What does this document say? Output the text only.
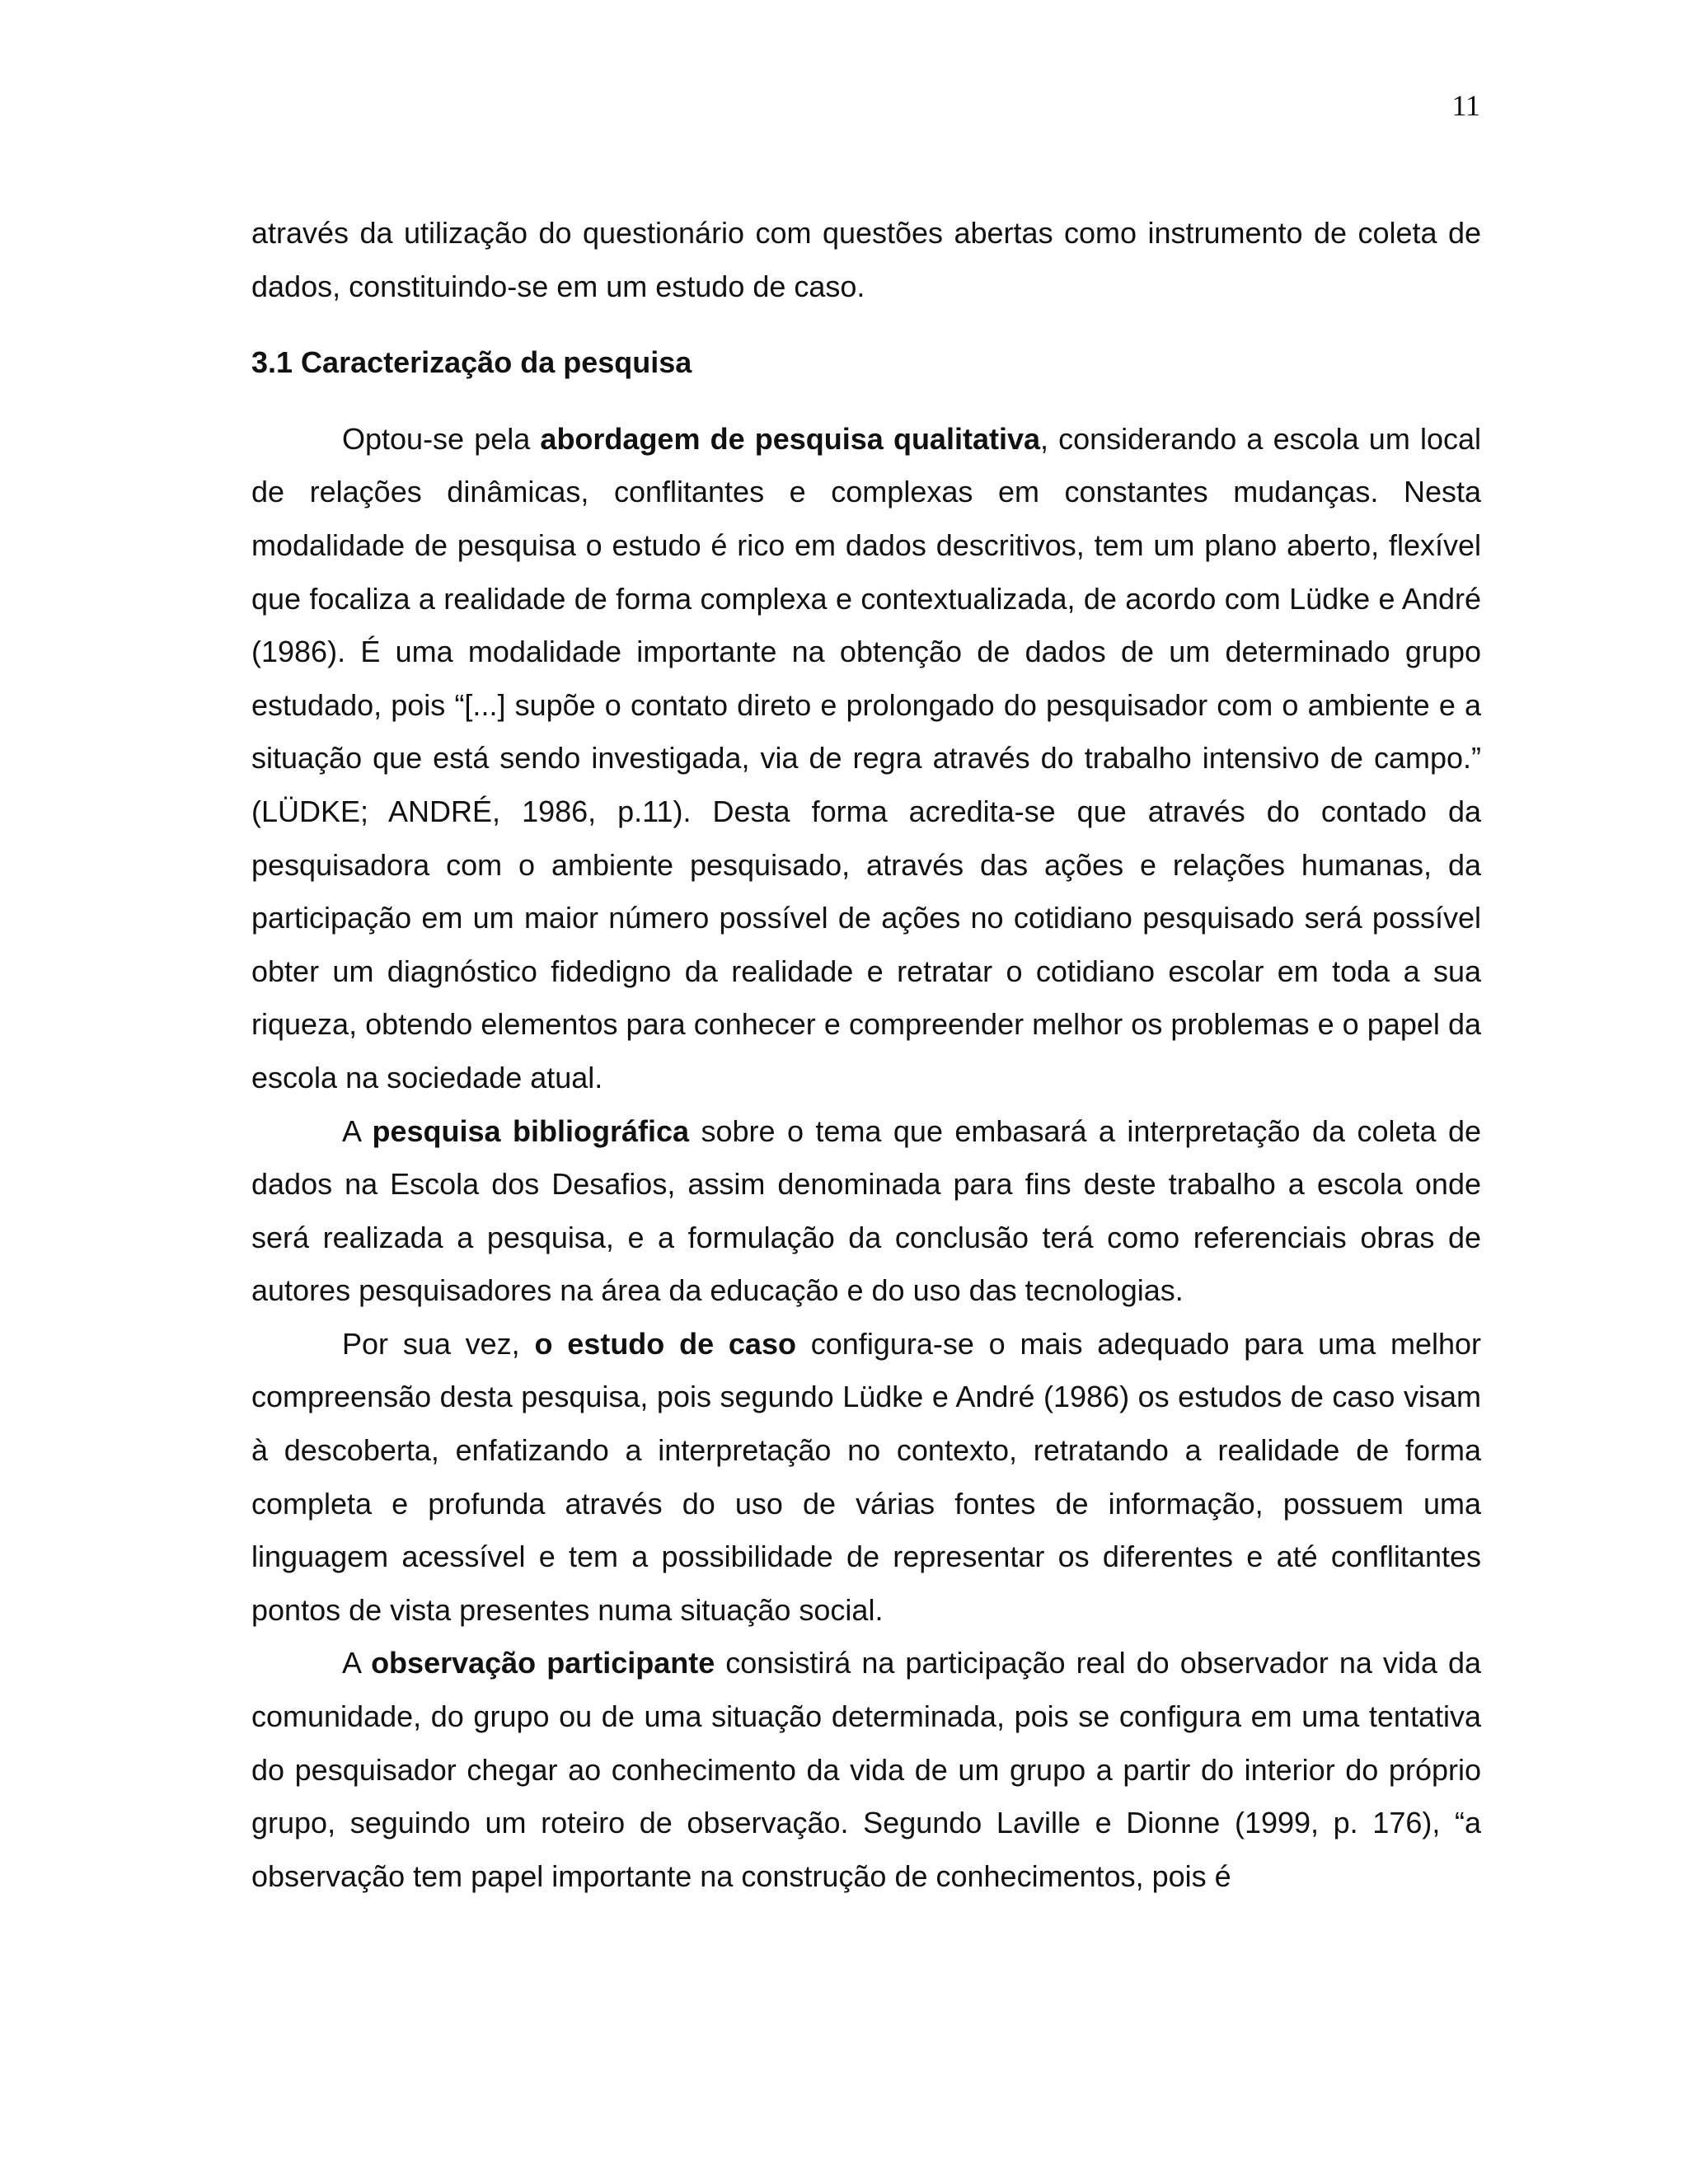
11

através da utilização do questionário com questões abertas como instrumento de coleta de dados, constituindo-se em um estudo de caso.

3.1 Caracterização da pesquisa

Optou-se pela abordagem de pesquisa qualitativa, considerando a escola um local de relações dinâmicas, conflitantes e complexas em constantes mudanças. Nesta modalidade de pesquisa o estudo é rico em dados descritivos, tem um plano aberto, flexível que focaliza a realidade de forma complexa e contextualizada, de acordo com Lüdke e André (1986). É uma modalidade importante na obtenção de dados de um determinado grupo estudado, pois “[...] supõe o contato direto e prolongado do pesquisador com o ambiente e a situação que está sendo investigada, via de regra através do trabalho intensivo de campo.” (LÜDKE; ANDRÉ, 1986, p.11). Desta forma acredita-se que através do contado da pesquisadora com o ambiente pesquisado, através das ações e relações humanas, da participação em um maior número possível de ações no cotidiano pesquisado será possível obter um diagnóstico fidedigno da realidade e retratar o cotidiano escolar em toda a sua riqueza, obtendo elementos para conhecer e compreender melhor os problemas e o papel da escola na sociedade atual.

A pesquisa bibliográfica sobre o tema que embasará a interpretação da coleta de dados na Escola dos Desafios, assim denominada para fins deste trabalho a escola onde será realizada a pesquisa, e a formulação da conclusão terá como referenciais obras de autores pesquisadores na área da educação e do uso das tecnologias.

Por sua vez, o estudo de caso configura-se o mais adequado para uma melhor compreensão desta pesquisa, pois segundo Lüdke e André (1986) os estudos de caso visam à descoberta, enfatizando a interpretação no contexto, retratando a realidade de forma completa e profunda através do uso de várias fontes de informação, possuem uma linguagem acessível e tem a possibilidade de representar os diferentes e até conflitantes pontos de vista presentes numa situação social.

A observação participante consistirá na participação real do observador na vida da comunidade, do grupo ou de uma situação determinada, pois se configura em uma tentativa do pesquisador chegar ao conhecimento da vida de um grupo a partir do interior do próprio grupo, seguindo um roteiro de observação. Segundo Laville e Dionne (1999, p. 176), “a observação tem papel importante na construção de conhecimentos, pois é
